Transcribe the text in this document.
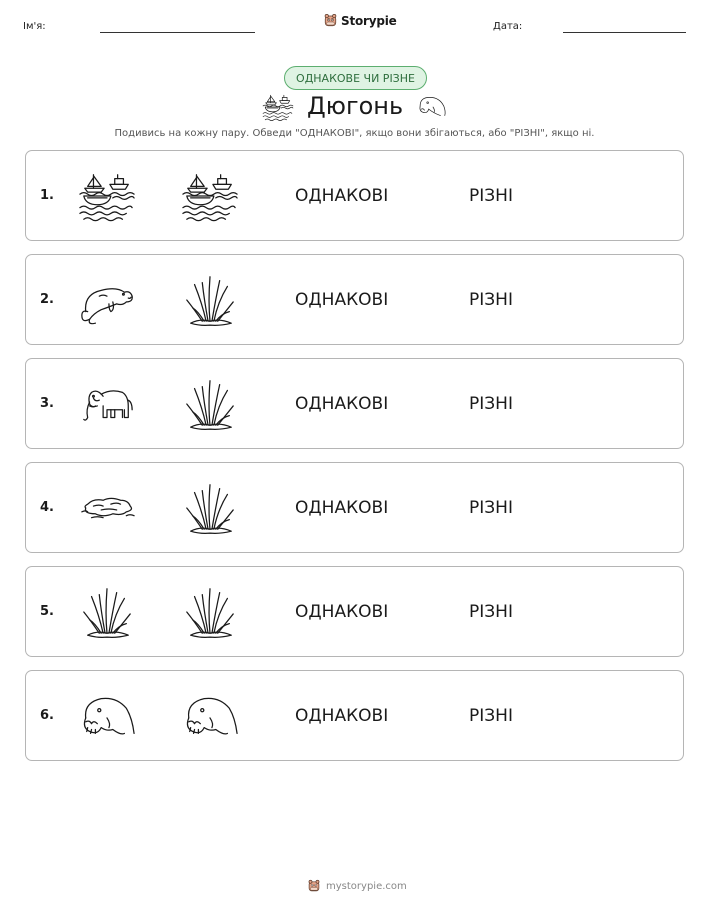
Ім'я:	Storypie	Дата:
ОДНАКОВЕ ЧИ РІЗНЕ
Дюгонь
Подивись на кожну пару. Обведи "ОДНАКОВІ", якщо вони збігаються, або "РІЗНІ", якщо ні.
1.	ОДНАКОВІ	РІЗНІ
2.	ОДНАКОВІ	РІЗНІ
3.	ОДНАКОВІ	РІЗНІ
4.	ОДНАКОВІ	РІЗНІ
5.	ОДНАКОВІ	РІЗНІ
6.	ОДНАКОВІ	РІЗНІ
mystorypie.com
